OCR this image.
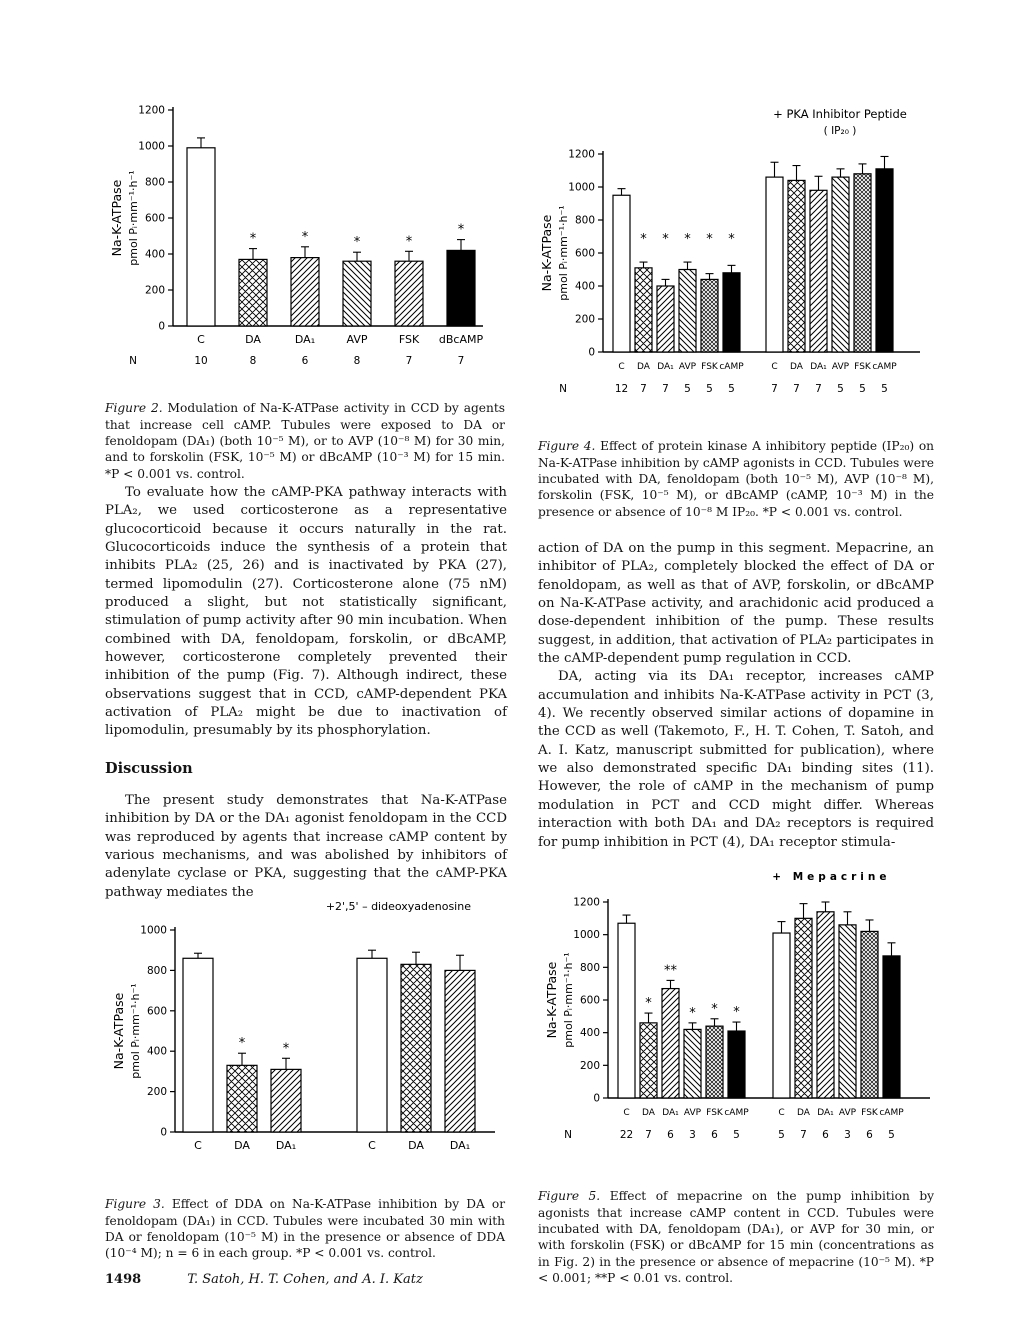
0
200
400
600
800
1000
1200
Na-K-ATPase pmol Pᵢ·mm⁻¹·h⁻¹
C
10
*
DA
8
*
DA₁
6
*
AVP
8
*
FSK
7
*
dBcAMP
7
N

Figure 2. Modulation of Na-K-ATPase activity in CCD by agents that increase cell cAMP. Tubules were exposed to DA or fenoldopam (DA₁) (both 10⁻⁵ M), or to AVP (10⁻⁸ M) for 30 min, and to forskolin (FSK, 10⁻⁵ M) or dBcAMP (10⁻³ M) for 15 min. *P < 0.001 vs. control.

+ PKA Inhibitor Peptide
( IP₂₀ )
0
200
400
600
800
1000
1200
Na-K-ATPase pmol Pᵢ·mm⁻¹·h⁻¹
C
12
*
DA
7
*
DA₁
7
*
AVP
5
*
FSK
5
*
cAMP
5
C
7
DA
7
DA₁
7
AVP
5
FSK
5
cAMP
5
N

Figure 4. Effect of protein kinase A inhibitory peptide (IP₂₀) on Na-K-ATPase inhibition by cAMP agonists in CCD. Tubules were incubated with DA, fenoldopam (both 10⁻⁵ M), AVP (10⁻⁸ M), forskolin (FSK, 10⁻⁵ M), or dBcAMP (cAMP, 10⁻³ M) in the presence or absence of 10⁻⁸ M IP₂₀. *P < 0.001 vs. control.

To evaluate how the cAMP-PKA pathway interacts with PLA₂, we used corticosterone as a representative glucocorticoid because it occurs naturally in the rat. Glucocorticoids induce the synthesis of a protein that inhibits PLA₂ (25, 26) and is inactivated by PKA (27), termed lipomodulin (27). Corticosterone alone (75 nM) produced a slight, but not statistically significant, stimulation of pump activity after 90 min incubation. When combined with DA, fenoldopam, forskolin, or dBcAMP, however, corticosterone completely prevented their inhibition of the pump (Fig. 7). Although indirect, these observations suggest that in CCD, cAMP-dependent PKA activation of PLA₂ might be due to inactivation of lipomodulin, presumably by its phosphorylation.

Discussion

The present study demonstrates that Na-K-ATPase inhibition by DA or the DA₁ agonist fenoldopam in the CCD was reproduced by agents that increase cAMP content by various mechanisms, and was abolished by inhibitors of adenylate cyclase or PKA, suggesting that the cAMP-PKA pathway mediates the

action of DA on the pump in this segment. Mepacrine, an inhibitor of PLA₂, completely blocked the effect of DA or fenoldopam, as well as that of AVP, forskolin, or dBcAMP on Na-K-ATPase activity, and arachidonic acid produced a dose-dependent inhibition of the pump. These results suggest, in addition, that activation of PLA₂ participates in the cAMP-dependent pump regulation in CCD.

DA, acting via its DA₁ receptor, increases cAMP accumulation and inhibits Na-K-ATPase activity in PCT (3, 4). We recently observed similar actions of dopamine in the CCD as well (Takemoto, F., H. T. Cohen, T. Satoh, and A. I. Katz, manuscript submitted for publication), where we also demonstrated specific DA₁ binding sites (11). However, the role of cAMP in the mechanism of pump modulation in PCT and CCD might differ. Whereas interaction with both DA₁ and DA₂ receptors is required for pump inhibition in PCT (4), DA₁ receptor stimula-

+2',5' – dideoxyadenosine
0
200
400
600
800
1000
Na-K-ATPase pmol Pᵢ·mm⁻¹·h⁻¹
C
*
DA
*
DA₁	C	DA DA₁

Figure 3. Effect of DDA on Na-K-ATPase inhibition by DA or fenoldopam (DA₁) in CCD. Tubules were incubated 30 min with DA or fenoldopam (10⁻⁵ M) in the presence or absence of DDA (10⁻⁴ M); n = 6 in each group. *P < 0.001 vs. control.

+ Mepacrine
0
200
400
600
800
1000
1200
Na-K-ATPase pmol Pᵢ·mm⁻¹·h⁻¹
C
22
*
DA
7
**
DA₁
6
*
AVP
3
*
FSK
6
*
cAMP
5
C
5
DA
7
DA₁
6
AVP
3
FSK
6
cAMP
5
N

Figure 5. Effect of mepacrine on the pump inhibition by agonists that increase cAMP content in CCD. Tubules were incubated with DA, fenoldopam (DA₁), or AVP for 30 min, or with forskolin (FSK) or dBcAMP for 15 min (concentrations as in Fig. 2) in the presence or absence of mepacrine (10⁻⁵ M). *P < 0.001; **P < 0.01 vs. control.

1498	T. Satoh, H. T. Cohen, and A. I. Katz
